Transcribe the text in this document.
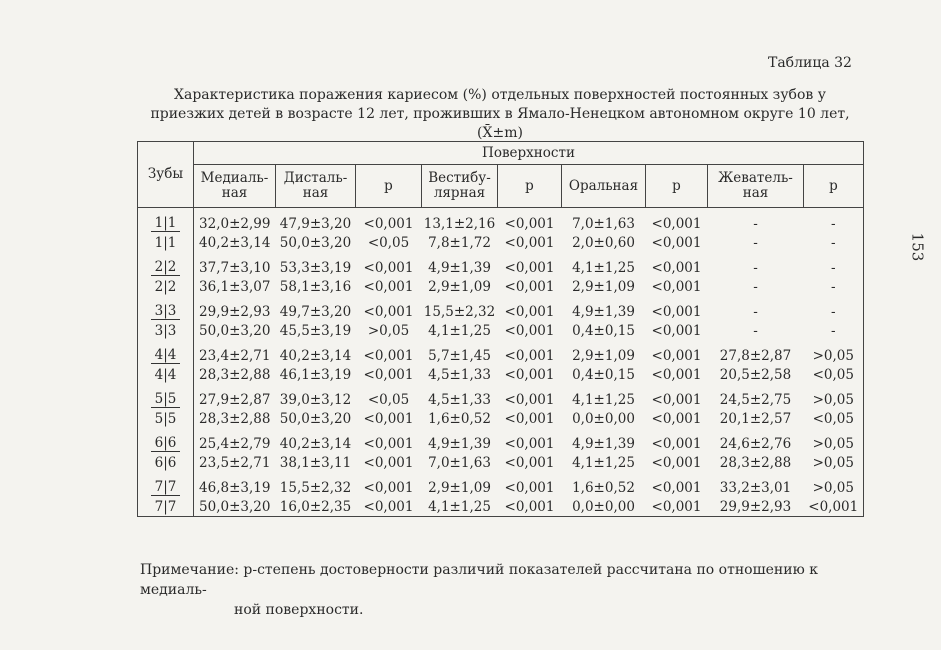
Таблица 32
153
Характеристика поражения кариесом (%) отдельных поверхностей постоянных зубов у приезжих детей в возрасте 12 лет, проживших в Ямало-Ненецком автономном округе 10 лет, (X̄±m)
Зубы	Поверхности								
	Медиаль-ная	Дисталь-ная	p	Вестибу-лярная	p	Оральная	p	Жеватель-ная	p
1|1	32,0±2,99	47,9±3,20	<0,001	13,1±2,16	<0,001	7,0±1,63	<0,001	-	-
1|1	40,2±3,14	50,0±3,20	<0,05	7,8±1,72	<0,001	2,0±0,60	<0,001	-	-
2|2	37,7±3,10	53,3±3,19	<0,001	4,9±1,39	<0,001	4,1±1,25	<0,001	-	-
2|2	36,1±3,07	58,1±3,16	<0,001	2,9±1,09	<0,001	2,9±1,09	<0,001	-	-
3|3	29,9±2,93	49,7±3,20	<0,001	15,5±2,32	<0,001	4,9±1,39	<0,001	-	-
3|3	50,0±3,20	45,5±3,19	>0,05	4,1±1,25	<0,001	0,4±0,15	<0,001	-	-
4|4	23,4±2,71	40,2±3,14	<0,001	5,7±1,45	<0,001	2,9±1,09	<0,001	27,8±2,87	>0,05
4|4	28,3±2,88	46,1±3,19	<0,001	4,5±1,33	<0,001	0,4±0,15	<0,001	20,5±2,58	<0,05
5|5	27,9±2,87	39,0±3,12	<0,05	4,5±1,33	<0,001	4,1±1,25	<0,001	24,5±2,75	>0,05
5|5	28,3±2,88	50,0±3,20	<0,001	1,6±0,52	<0,001	0,0±0,00	<0,001	20,1±2,57	<0,05
6|6	25,4±2,79	40,2±3,14	<0,001	4,9±1,39	<0,001	4,9±1,39	<0,001	24,6±2,76	>0,05
6|6	23,5±2,71	38,1±3,11	<0,001	7,0±1,63	<0,001	4,1±1,25	<0,001	28,3±2,88	>0,05
7|7	46,8±3,19	15,5±2,32	<0,001	2,9±1,09	<0,001	1,6±0,52	<0,001	33,2±3,01	>0,05
7|7	50,0±3,20	16,0±2,35	<0,001	4,1±1,25	<0,001	0,0±0,00	<0,001	29,9±2,93	<0,001
Примечание: р-степень достоверности различий показателей рассчитана по отношению к медиаль-
ной поверхности.
